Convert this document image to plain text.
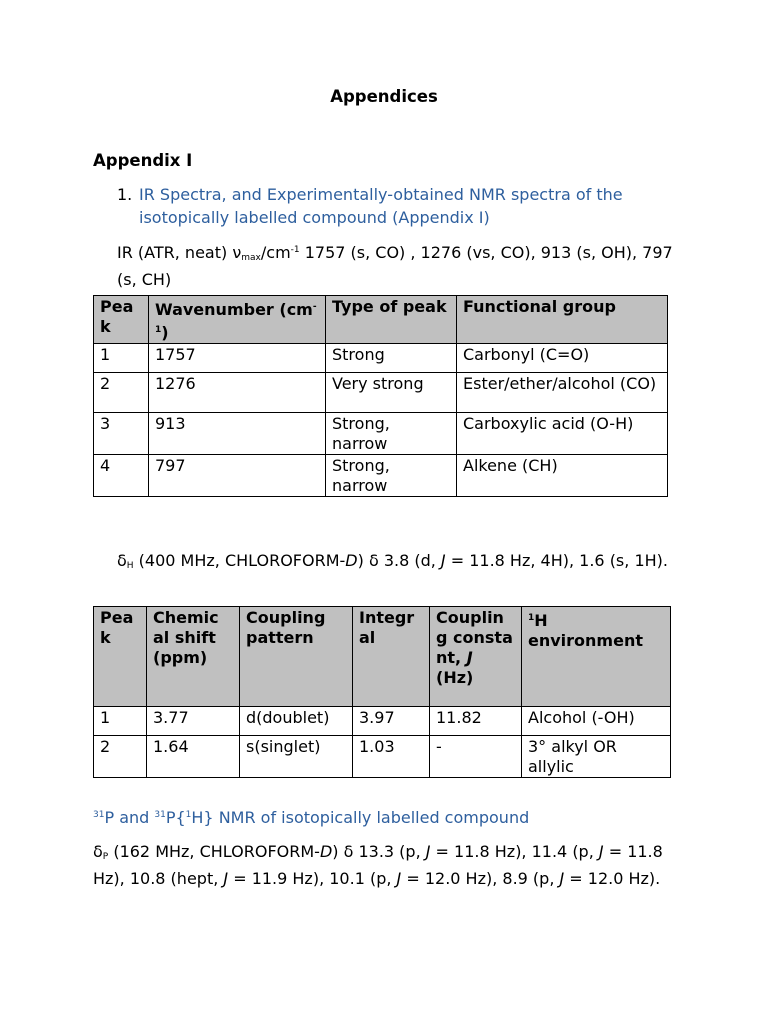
Appendices
Appendix I
1. IR Spectra, and Experimentally-obtained NMR spectra of the isotopically labelled compound (Appendix I)
IR (ATR, neat) $\nu_{max}/cm^{-1}$ 1757 (s, CO) , 1276 (vs, CO), 913 (s, OH), 797 (s, CH)
Pea k	Wavenumber $(cm^{-1})$	Type of peak	Functional group
1	1757	Strong	Carbonyl (C=O)
2	1276	Very strong	Ester/ether/alcohol (CO)
3	913	Strong, narrow	Carboxylic acid (O-H)
4	797	Strong, narrow	Alkene (CH)
$\delta_H$ (400 MHz, CHLOROFORM-D) δ 3.8 (d, J = 11.8 Hz, 4H), 1.6 (s, 1H).
Pea k	Chemic al shift (ppm)	Coupling pattern	Integr al	Couplin g consta nt, J (Hz)	$^1$H environment
1	3.77	d(doublet)	3.97	11.82	Alcohol (-OH)
2	1.64	s(singlet)	1.03	-	3° alkyl OR allylic
$^{31}$P and $^{31}$P{$^1$H} NMR of isotopically labelled compound
$\delta_P$ (162 MHz, CHLOROFORM-D) δ 13.3 (p, J = 11.8 Hz), 11.4 (p, J = 11.8 Hz), 10.8 (hept, J = 11.9 Hz), 10.1 (p, J = 12.0 Hz), 8.9 (p, J = 12.0 Hz).
